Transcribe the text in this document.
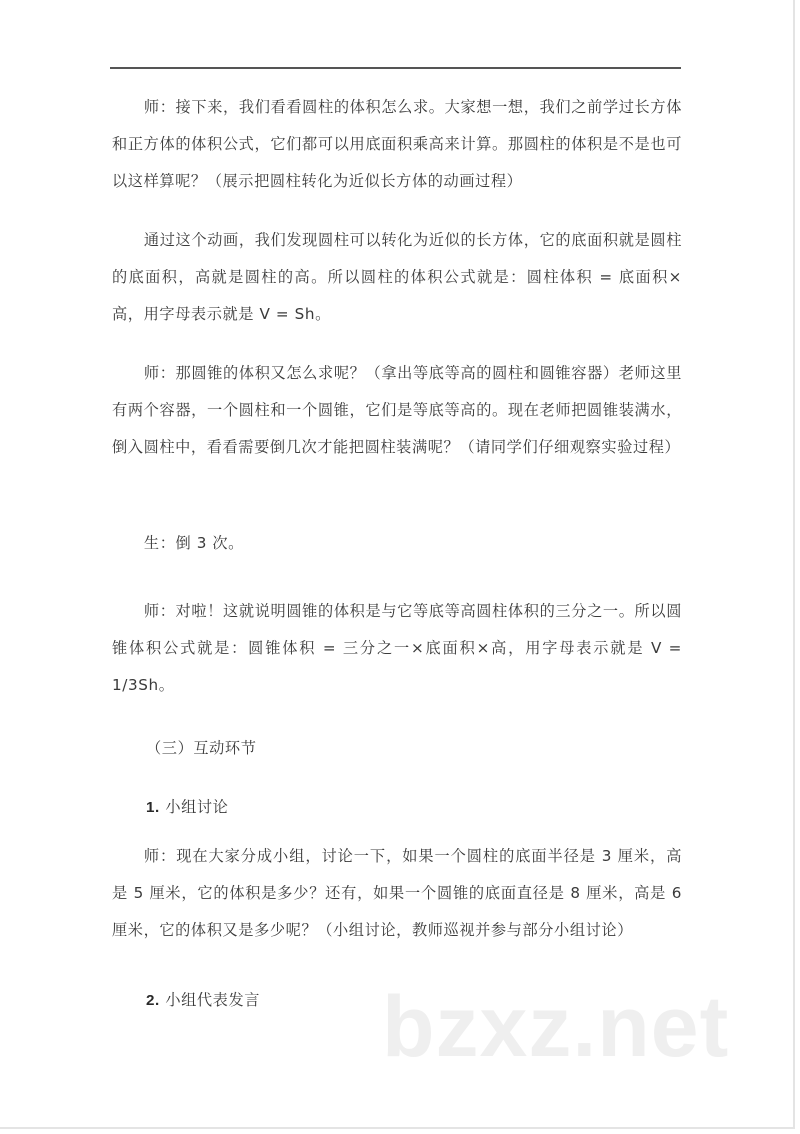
师：接下来，我们看看圆柱的体积怎么求。大家想一想，我们之前学过长方体和正方体的体积公式，它们都可以用底面积乘高来计算。那圆柱的体积是不是也可以这样算呢？（展示把圆柱转化为近似长方体的动画过程）

通过这个动画，我们发现圆柱可以转化为近似的长方体，它的底面积就是圆柱的底面积，高就是圆柱的高。所以圆柱的体积公式就是：圆柱体积 = 底面积×高，用字母表示就是 V = Sh。

师：那圆锥的体积又怎么求呢？（拿出等底等高的圆柱和圆锥容器）老师这里有两个容器，一个圆柱和一个圆锥，它们是等底等高的。现在老师把圆锥装满水，倒入圆柱中，看看需要倒几次才能把圆柱装满呢？（请同学们仔细观察实验过程）

生：倒 3 次。

师：对啦！这就说明圆锥的体积是与它等底等高圆柱体积的三分之一。所以圆锥体积公式就是：圆锥体积 = 三分之一×底面积×高，用字母表示就是 V = 1/3Sh。

（三）互动环节
1. 小组讨论

师：现在大家分成小组，讨论一下，如果一个圆柱的底面半径是 3 厘米，高是 5 厘米，它的体积是多少？还有，如果一个圆锥的底面直径是 8 厘米，高是 6 厘米，它的体积又是多少呢？（小组讨论，教师巡视并参与部分小组讨论）

2. 小组代表发言 bzxz.net
